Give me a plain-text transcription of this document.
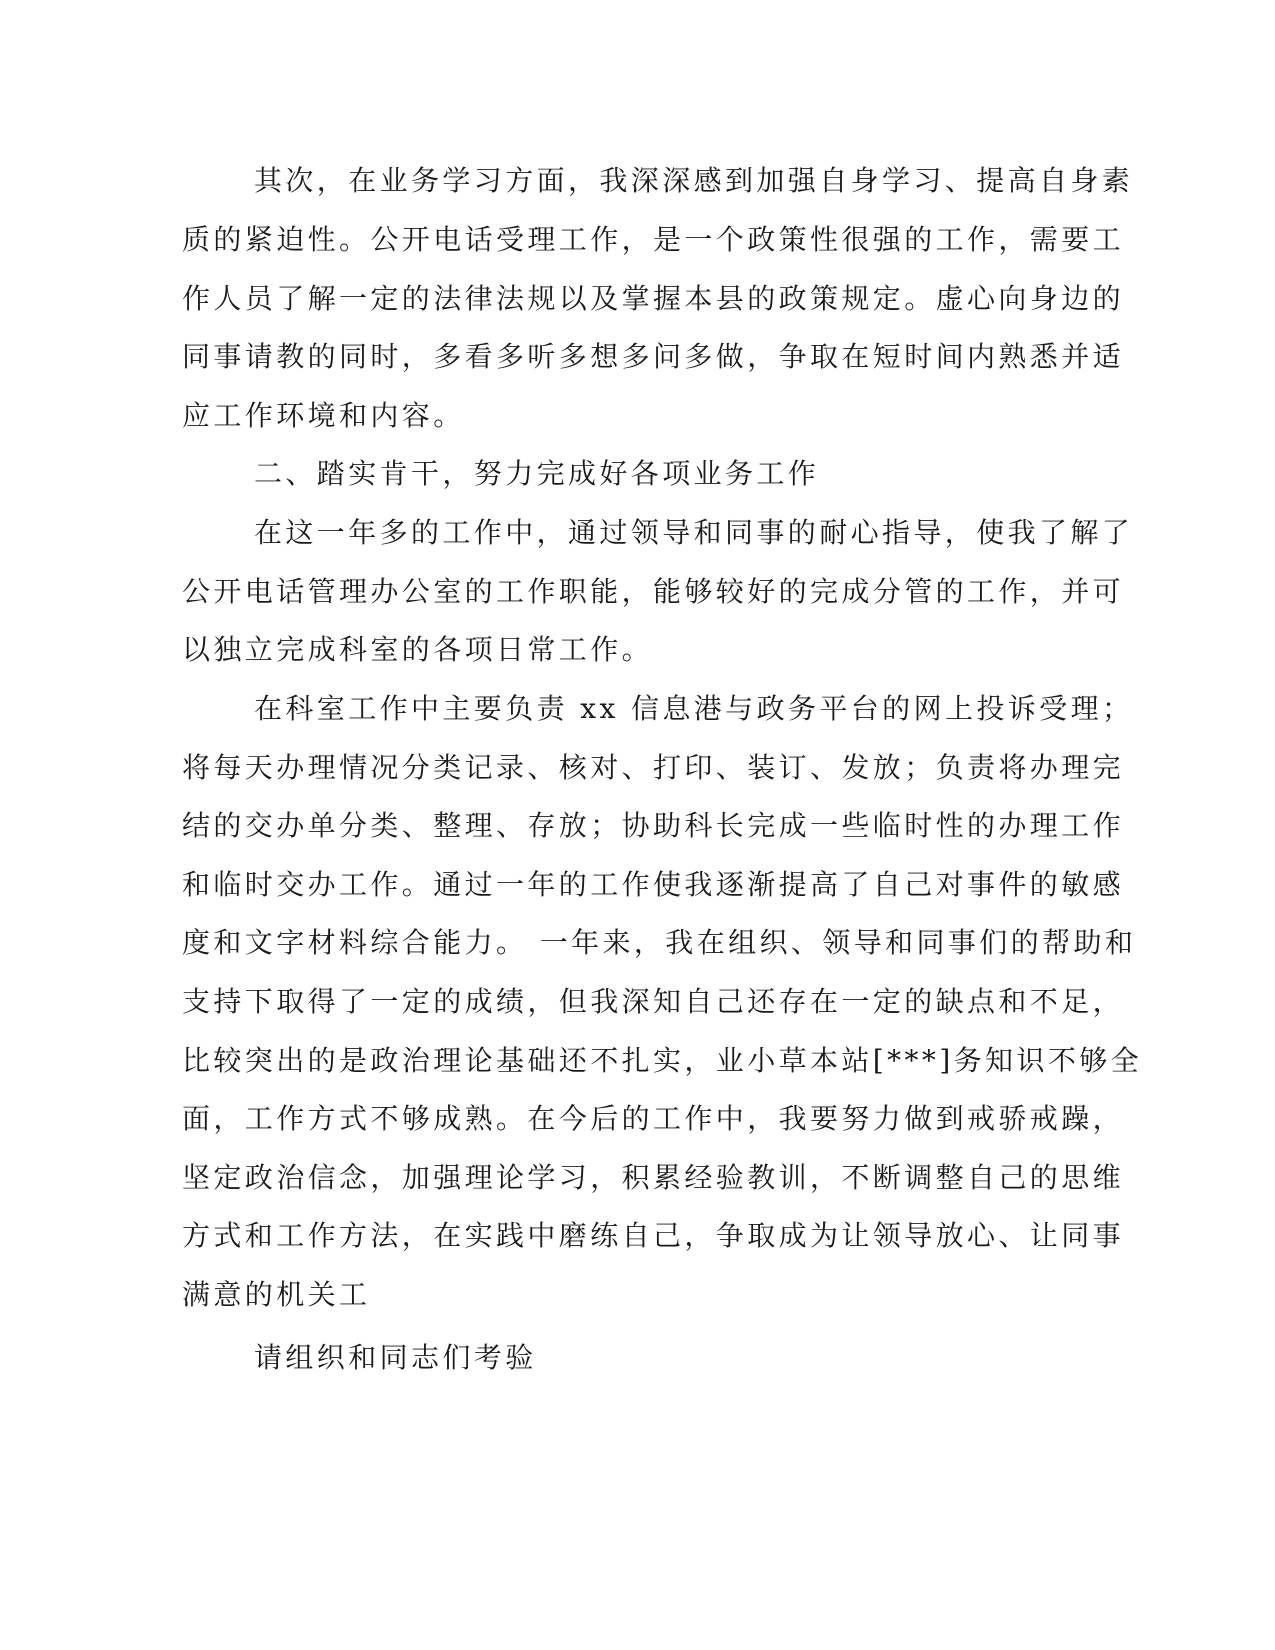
其次，在业务学习方面，我深深感到加强自身学习、提高自身素
质的紧迫性。公开电话受理工作，是一个政策性很强的工作，需要工
作人员了解一定的法律法规以及掌握本县的政策规定。虚心向身边的
同事请教的同时，多看多听多想多问多做，争取在短时间内熟悉并适
应工作环境和内容。
二、踏实肯干，努力完成好各项业务工作
在这一年多的工作中，通过领导和同事的耐心指导，使我了解了
公开电话管理办公室的工作职能，能够较好的完成分管的工作，并可
以独立完成科室的各项日常工作。
在科室工作中主要负责 xx 信息港与政务平台的网上投诉受理；
将每天办理情况分类记录、核对、打印、装订、发放；负责将办理完
结的交办单分类、整理、存放；协助科长完成一些临时性的办理工作
和临时交办工作。通过一年的工作使我逐渐提高了自己对事件的敏感
度和文字材料综合能力。 一年来，我在组织、领导和同事们的帮助和
支持下取得了一定的成绩，但我深知自己还存在一定的缺点和不足，
比较突出的是政治理论基础还不扎实，业小草本站[***]务知识不够全
面，工作方式不够成熟。在今后的工作中，我要努力做到戒骄戒躁，
坚定政治信念，加强理论学习，积累经验教训，不断调整自己的思维
方式和工作方法，在实践中磨练自己，争取成为让领导放心、让同事
满意的机关工
请组织和同志们考验
